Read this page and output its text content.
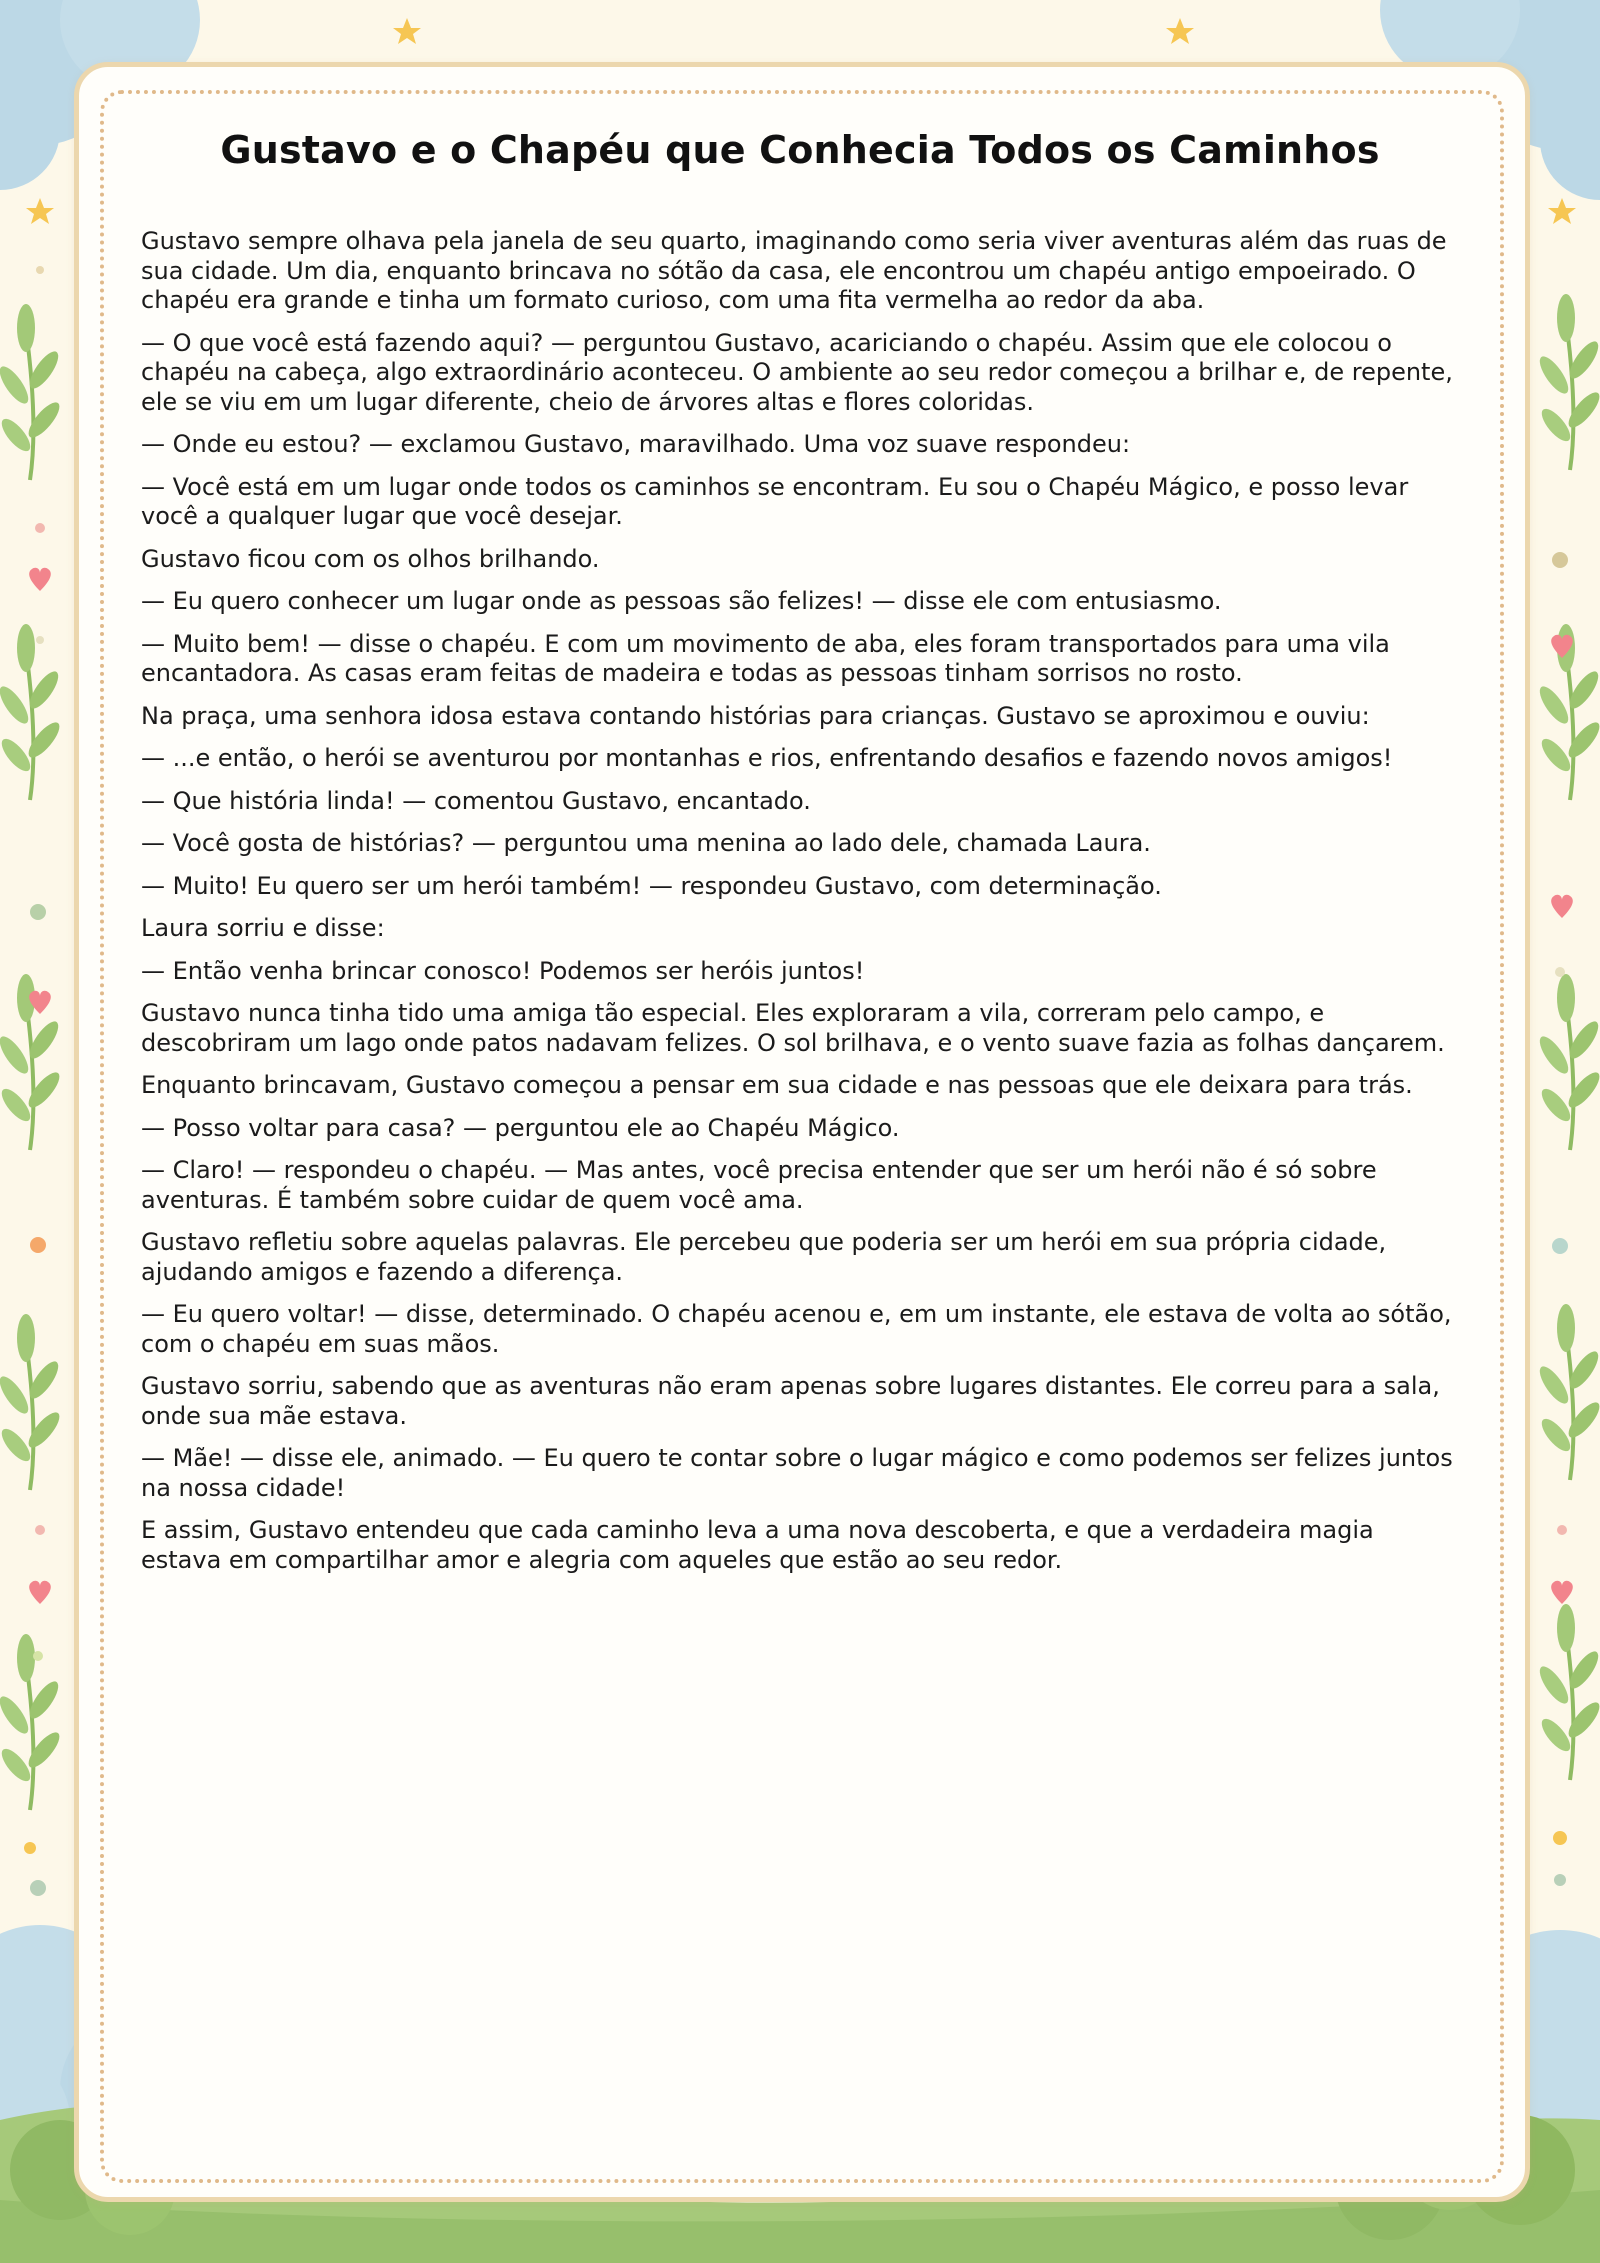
Gustavo e o Chapéu que Conhecia Todos os Caminhos

Gustavo sempre olhava pela janela de seu quarto, imaginando como seria viver aventuras além das ruas de sua cidade. Um dia, enquanto brincava no sótão da casa, ele encontrou um chapéu antigo empoeirado. O chapéu era grande e tinha um formato curioso, com uma fita vermelha ao redor da aba.

— O que você está fazendo aqui? — perguntou Gustavo, acariciando o chapéu. Assim que ele colocou o chapéu na cabeça, algo extraordinário aconteceu. O ambiente ao seu redor começou a brilhar e, de repente, ele se viu em um lugar diferente, cheio de árvores altas e flores coloridas.

— Onde eu estou? — exclamou Gustavo, maravilhado. Uma voz suave respondeu:

— Você está em um lugar onde todos os caminhos se encontram. Eu sou o Chapéu Mágico, e posso levar você a qualquer lugar que você desejar.

Gustavo ficou com os olhos brilhando.

— Eu quero conhecer um lugar onde as pessoas são felizes! — disse ele com entusiasmo.

— Muito bem! — disse o chapéu. E com um movimento de aba, eles foram transportados para uma vila encantadora. As casas eram feitas de madeira e todas as pessoas tinham sorrisos no rosto.

Na praça, uma senhora idosa estava contando histórias para crianças. Gustavo se aproximou e ouviu:

— ...e então, o herói se aventurou por montanhas e rios, enfrentando desafios e fazendo novos amigos!

— Que história linda! — comentou Gustavo, encantado.

— Você gosta de histórias? — perguntou uma menina ao lado dele, chamada Laura.

— Muito! Eu quero ser um herói também! — respondeu Gustavo, com determinação.

Laura sorriu e disse:

— Então venha brincar conosco! Podemos ser heróis juntos!

Gustavo nunca tinha tido uma amiga tão especial. Eles exploraram a vila, correram pelo campo, e descobriram um lago onde patos nadavam felizes. O sol brilhava, e o vento suave fazia as folhas dançarem.

Enquanto brincavam, Gustavo começou a pensar em sua cidade e nas pessoas que ele deixara para trás.

— Posso voltar para casa? — perguntou ele ao Chapéu Mágico.

— Claro! — respondeu o chapéu. — Mas antes, você precisa entender que ser um herói não é só sobre aventuras. É também sobre cuidar de quem você ama.

Gustavo refletiu sobre aquelas palavras. Ele percebeu que poderia ser um herói em sua própria cidade, ajudando amigos e fazendo a diferença.

— Eu quero voltar! — disse, determinado. O chapéu acenou e, em um instante, ele estava de volta ao sótão, com o chapéu em suas mãos.

Gustavo sorriu, sabendo que as aventuras não eram apenas sobre lugares distantes. Ele correu para a sala, onde sua mãe estava.

— Mãe! — disse ele, animado. — Eu quero te contar sobre o lugar mágico e como podemos ser felizes juntos na nossa cidade!

E assim, Gustavo entendeu que cada caminho leva a uma nova descoberta, e que a verdadeira magia estava em compartilhar amor e alegria com aqueles que estão ao seu redor.
